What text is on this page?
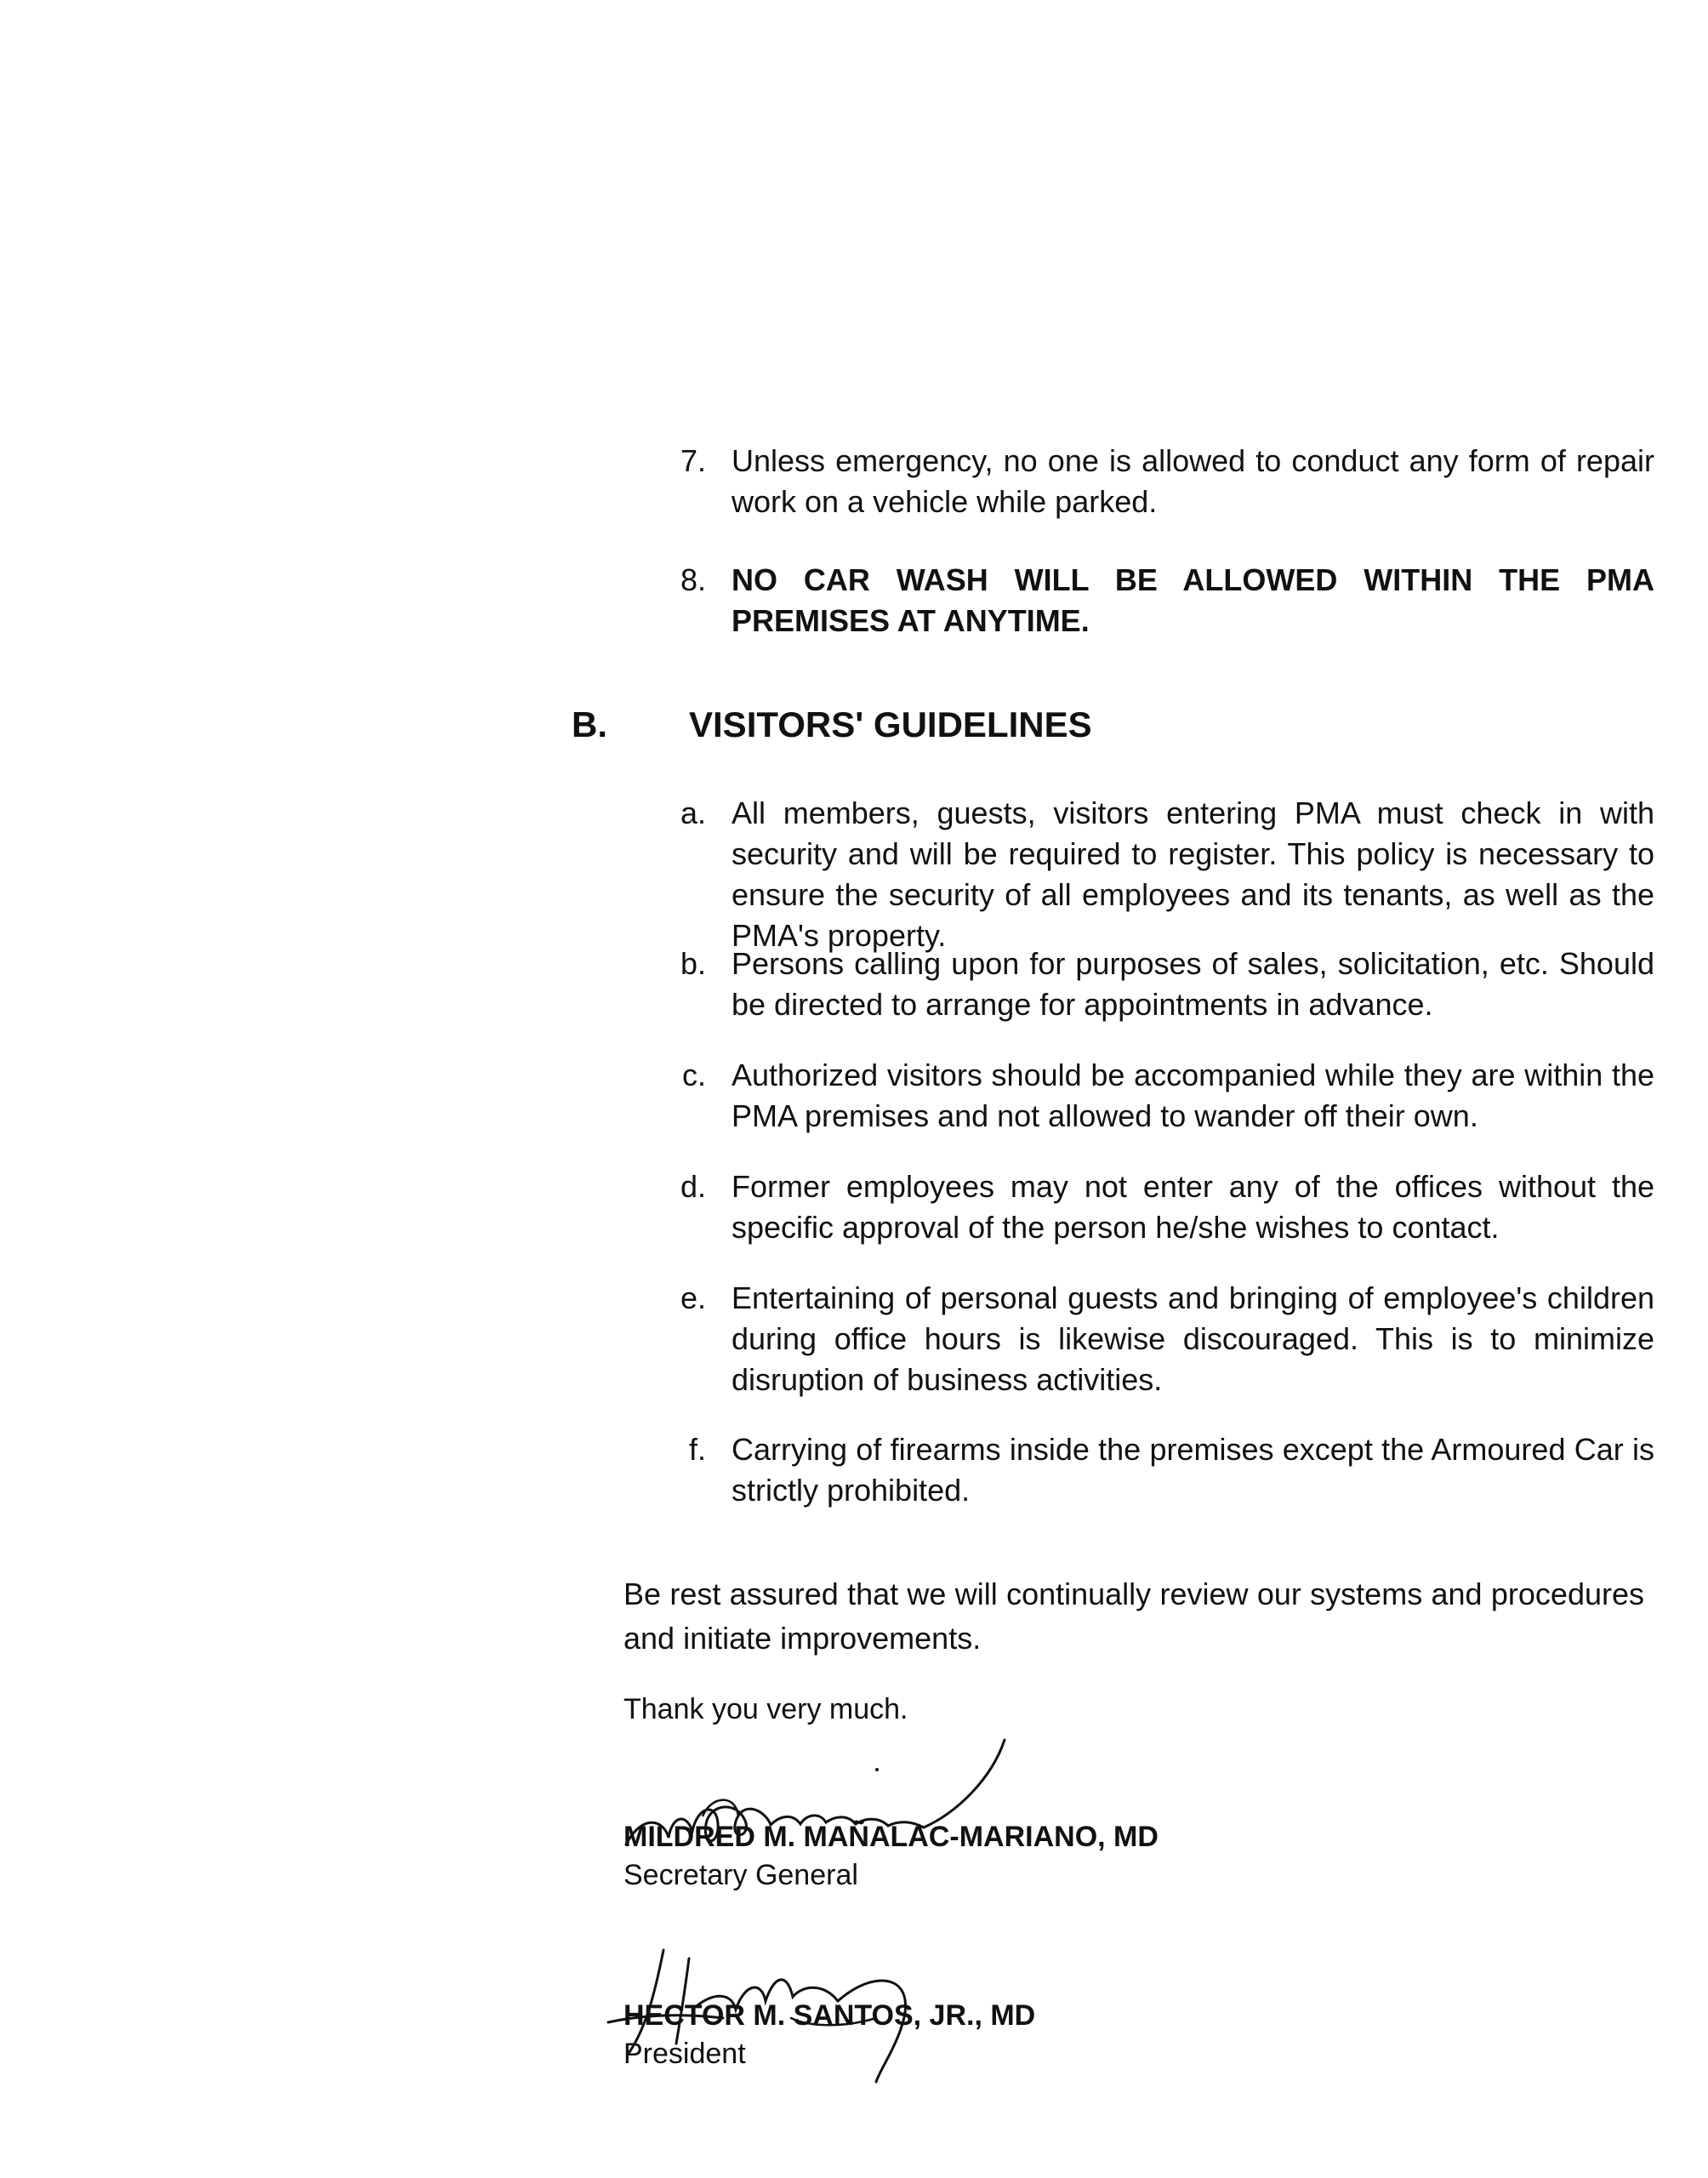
7. Unless emergency, no one is allowed to conduct any form of repair work on a vehicle while parked.
8. NO CAR WASH WILL BE ALLOWED WITHIN THE PMA PREMISES AT ANYTIME.
B. VISITORS' GUIDELINES
a. All members, guests, visitors entering PMA must check in with security and will be required to register. This policy is necessary to ensure the security of all employees and its tenants, as well as the PMA's property.
b. Persons calling upon for purposes of sales, solicitation, etc. Should be directed to arrange for appointments in advance.
c. Authorized visitors should be accompanied while they are within the PMA premises and not allowed to wander off their own.
d. Former employees may not enter any of the offices without the specific approval of the person he/she wishes to contact.
e. Entertaining of personal guests and bringing of employee's children during office hours is likewise discouraged. This is to minimize disruption of business activities.
f. Carrying of firearms inside the premises except the Armoured Car is strictly prohibited.
Be rest assured that we will continually review our systems and procedures and initiate improvements.
Thank you very much.
MILDRED M. MAÑALAC-MARIANO, MD
Secretary General
HECTOR M. SANTOS, JR., MD
President
